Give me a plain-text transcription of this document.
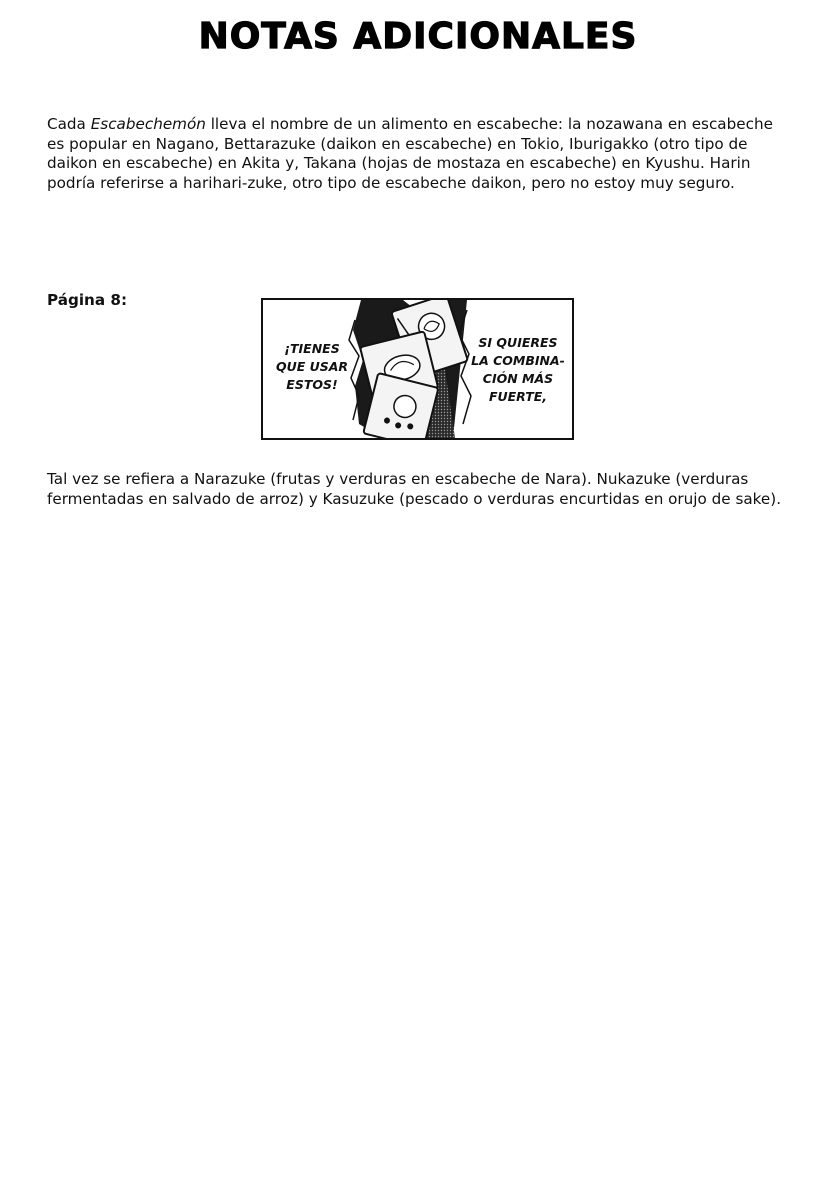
NOTAS ADICIONALES

Cada Escabechemón lleva el nombre de un alimento en escabeche: la nozawana en escabeche es popular en Nagano, Bettarazuke (daikon en escabeche) en Tokio, Iburigakko (otro tipo de daikon en escabeche) en Akita y, Takana (hojas de mostaza en escabeche) en Kyushu. Harin podría referirse a harihari-zuke, otro tipo de escabeche daikon, pero no estoy muy seguro.

Página 8:

¡TIENES
QUE USAR
ESTOS!
SI QUIERES
LA COMBINA-
CIÓN MÁS
FUERTE,

Tal vez se refiera a Narazuke (frutas y verduras en escabeche de Nara). Nukazuke (verduras fermentadas en salvado de arroz) y Kasuzuke (pescado o verduras encurtidas en orujo de sake).
